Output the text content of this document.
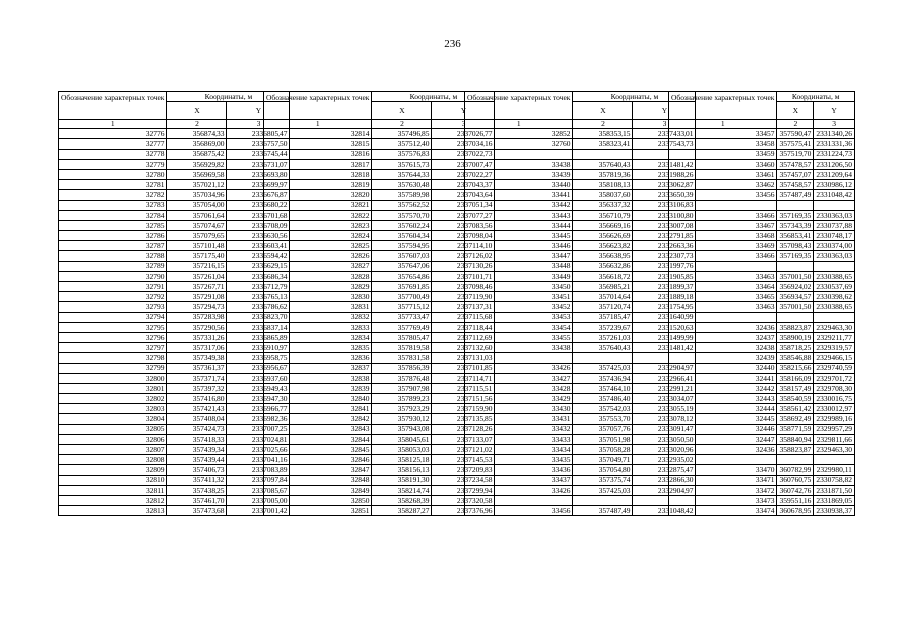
236
Обозначение характерных точек	Координаты, м	
	X	Y
1	2	3
32776	356874,33	2336805,47
32777	356869,00	2336757,50
32778	356875,42	2336745,44
32779	356929,82	2336731,07
32780	356969,58	2336693,80
32781	357021,12	2336699,97
32782	357034,96	2336676,87
32783	357054,00	2336680,22
32784	357061,64	2336701,68
32785	357074,67	2336708,09
32786	357079,65	2336630,56
32787	357101,48	2336603,41
32788	357175,40	2336594,42
32789	357216,15	2336629,15
32790	357261,04	2336686,34
32791	357267,71	2336712,79
32792	357291,08	2336765,13
32793	357294,73	2336786,62
32794	357283,98	2336823,70
32795	357290,56	2336837,14
32796	357331,26	2336865,89
32797	357317,06	2336910,97
32798	357349,38	2336958,75
32799	357361,37	2336956,67
32800	357371,74	2336937,60
32801	357397,32	2336949,43
32802	357416,80	2336947,30
32803	357421,43	2336966,77
32804	357408,04	2336982,36
32805	357424,73	2337007,25
32806	357418,33	2337024,81
32807	357439,34	2337025,66
32808	357439,44	2337041,16
32809	357406,73	2337083,89
32810	357411,32	2337097,84
32811	357438,25	2337085,67
32812	357461,70	2337005,00
32813	357473,68	2337001,42
Обозначение характерных точек	Координаты, м	
	X	Y
1	2	3
32814	357496,85	2337026,77
32815	357512,40	2337034,16
32816	357576,83	2337022,73
32817	357615,73	2337007,47
32818	357644,33	2337022,27
32819	357630,48	2337043,37
32820	357589,98	2337043,64
32821	357562,52	2337051,34
32822	357570,70	2337077,27
32823	357602,24	2337083,56
32824	357604,34	2337098,04
32825	357594,95	2337114,10
32826	357607,03	2337126,02
32827	357647,06	2337130,26
32828	357654,86	2337101,71
32829	357691,85	2337098,46
32830	357700,49	2337119,90
32831	357715,12	2337137,31
32832	357733,47	2337115,68
32833	357769,49	2337118,44
32834	357805,47	2337112,69
32835	357819,58	2337132,60
32836	357831,58	2337131,03
32837	357856,39	2337101,85
32838	357876,48	2337114,71
32839	357907,98	2337115,51
32840	357899,23	2337151,56
32841	357923,29	2337159,90
32842	357930,12	2337135,85
32843	357943,08	2337128,26
32844	358045,61	2337133,07
32845	358053,03	2337121,02
32846	358125,18	2337145,53
32847	358156,13	2337209,83
32848	358191,30	2337234,58
32849	358214,74	2337299,94
32850	358268,39	2337320,58
32851	358287,27	2337376,96
Обозначение характерных точек	Координаты, м	
	X	Y
1	2	3
32852	358353,15	2337433,01
32760	358323,41	2337543,73

33438	357640,43	2331481,42
33439	357819,36	2331988,26
33440	358108,13	2333062,87
33441	358037,60	2333650,39
33442	356337,32	2333106,83
33443	356710,79	2333100,80
33444	356669,16	2333007,08
33445	356626,69	2332791,85
33446	356623,82	2332663,36
33447	356638,95	2332307,73
33448	356632,86	2331997,76
33449	356618,72	2331905,85
33450	356985,21	2331899,37
33451	357014,64	2331889,18
33452	357120,74	2331754,95
33453	357185,47	2331640,99
33454	357239,67	2331520,63
33455	357261,03	2331499,99
33438	357640,43	2331481,42

33426	357425,03	2332904,97
33427	357436,94	2332966,41
33428	357464,10	2332991,21
33429	357486,40	2333034,07
33430	357542,03	2333055,19
33431	357553,70	2333078,12
33432	357057,76	2333091,47
33433	357051,98	2333050,50
33434	357058,28	2333020,96
33435	357049,71	2332935,02
33436	357054,80	2332875,47
33437	357375,74	2332866,30
33426	357425,03	2332904,97

33456	357487,49	2331048,42
Обозначение характерных точек	Координаты, м	
	X	Y
1	2	3
33457	357590,47	2331340,26
33458	357575,41	2331331,36
33459	357519,70	2331224,73
33460	357478,57	2331206,50
33461	357457,07	2331209,64
33462	357458,57	2330986,12
33456	357487,49	2331048,42

33466	357169,35	2330363,03
33467	357343,39	2330737,88
33468	356853,41	2330748,17
33469	357098,43	2330374,00
33466	357169,35	2330363,03

33463	357001,50	2330388,65
33464	356924,02	2330537,69
33465	356934,57	2330398,62
33463	357001,50	2330388,65

32436	358823,87	2329463,30
32437	358900,19	2329211,77
32438	358718,25	2329319,57
32439	358546,88	2329466,15
32440	358215,66	2329740,59
32441	358166,09	2329701,72
32442	358157,49	2329708,30
32443	358540,59	2330016,75
32444	358561,42	2330012,97
32445	358692,49	2329989,16
32446	358771,59	2329957,29
32447	358840,94	2329811,66
32436	358823,87	2329463,30

33470	360782,99	2329980,11
33471	360760,75	2330758,82
33472	360742,76	2331871,50
33473	359551,16	2331869,05
33474	360678,95	2330938,37
